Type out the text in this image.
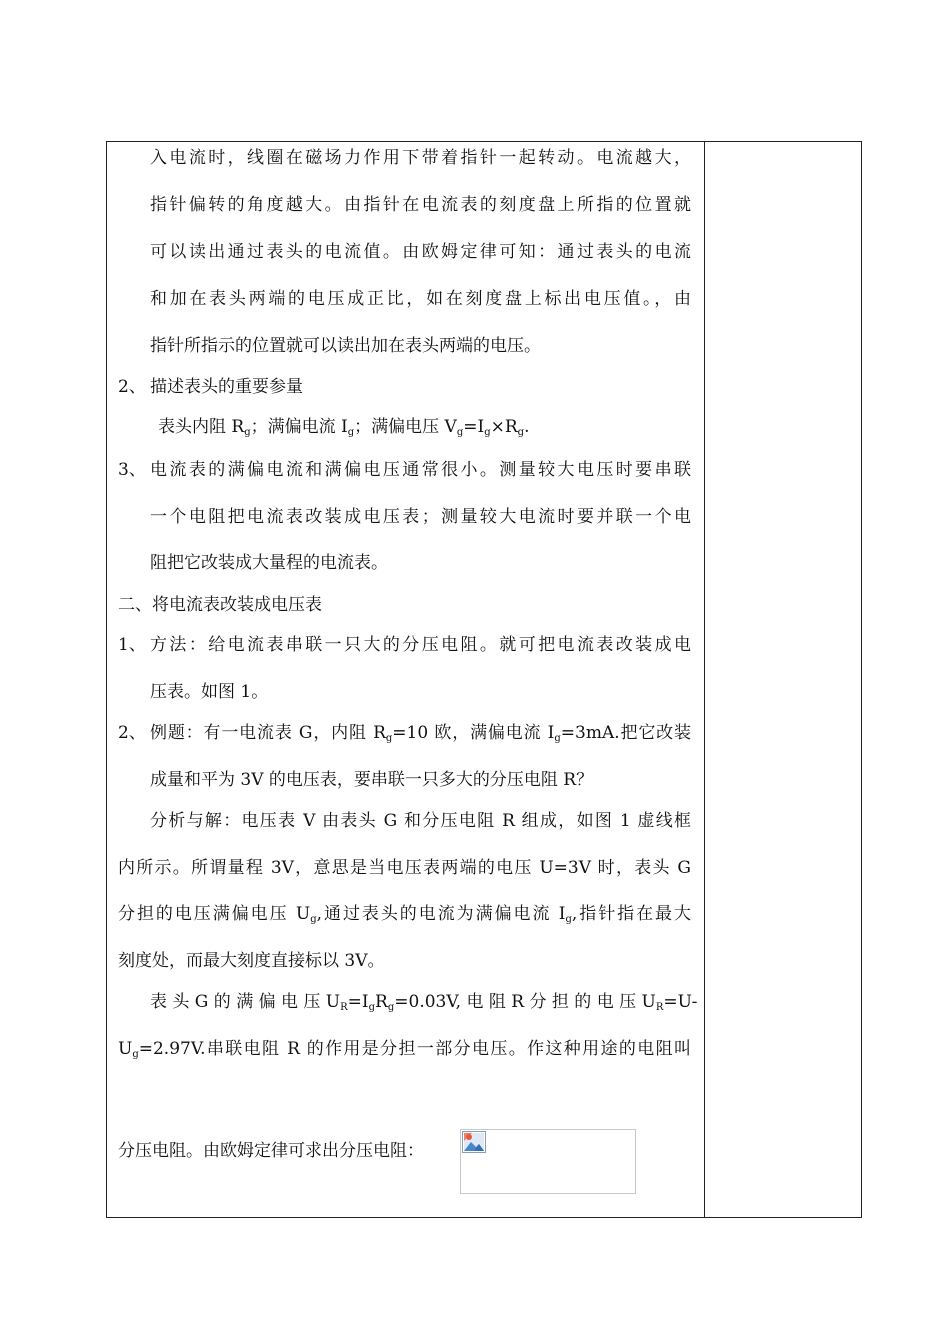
入电流时，线圈在磁场力作用下带着指针一起转动。电流越大，
指针偏转的角度越大。由指针在电流表的刻度盘上所指的位置就
可以读出通过表头的电流值。由欧姆定律可知：通过表头的电流
和加在表头两端的电压成正比，如在刻度盘上标出电压值。，由
指针所指示的位置就可以读出加在表头两端的电压。
2、 描述表头的重要参量
表头内阻 $R_g$；满偏电流 $I_g$；满偏电压 $V_g=I_g\times R_g$.
3、 电流表的满偏电流和满偏电压通常很小。测量较大电压时要串联
一个电阻把电流表改装成电压表；测量较大电流时要并联一个电
阻把它改装成大量程的电流表。
二、将电流表改装成电压表
1、 方法：给电流表串联一只大的分压电阻。就可把电流表改装成电
压表。如图 1。
2、 例题：有一电流表 G，内阻 $R_g=10$ 欧，满偏电流 $I_g=3mA$.把它改装
成量和平为 3V 的电压表，要串联一只多大的分压电阻 R？
分析与解：电压表 V 由表头 G 和分压电阻 R 组成，如图 1 虚线框
内所示。所谓量程 3V，意思是当电压表两端的电压 U=3V 时，表头 G
分担的电压满偏电压 $U_g$,通过表头的电流为满偏电流 $I_g$,指针指在最大
刻度处，而最大刻度直接标以 3V。
表 头 G 的 满 偏 电 压 $U_R=I_gR_g=0.03V$, 电 阻 R 分 担 的 电 压 $U_R=U-$
$U_g=2.97V$.串联电阻 R 的作用是分担一部分电压。作这种用途的电阻叫
分压电阻。由欧姆定律可求出分压电阻：
